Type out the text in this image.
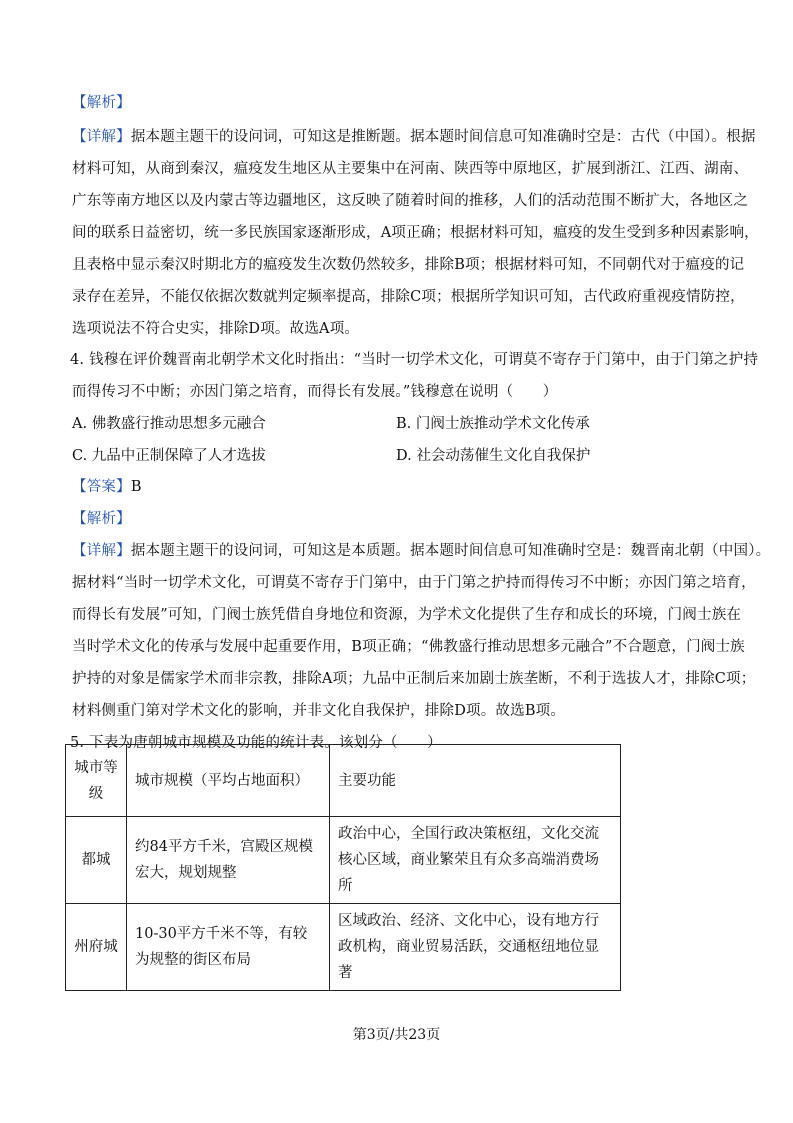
【解析】
【详解】据本题主题干的设问词，可知这是推断题。据本题时间信息可知准确时空是：古代（中国）。根据
材料可知，从商到秦汉，瘟疫发生地区从主要集中在河南、陕西等中原地区，扩展到浙江、江西、湖南、
广东等南方地区以及内蒙古等边疆地区，这反映了随着时间的推移，人们的活动范围不断扩大，各地区之
间的联系日益密切，统一多民族国家逐渐形成，A项正确；根据材料可知，瘟疫的发生受到多种因素影响，
且表格中显示秦汉时期北方的瘟疫发生次数仍然较多，排除B项；根据材料可知，不同朝代对于瘟疫的记
录存在差异，不能仅依据次数就判定频率提高，排除C项；根据所学知识可知，古代政府重视疫情防控，
选项说法不符合史实，排除D项。故选A项。
4. 钱穆在评价魏晋南北朝学术文化时指出：“当时一切学术文化，可谓莫不寄存于门第中，由于门第之护持
而得传习不中断；亦因门第之培育，而得长有发展。”钱穆意在说明（　　）
A. 佛教盛行推动思想多元融合	B. 门阀士族推动学术文化传承
C. 九品中正制保障了人才选拔	D. 社会动荡催生文化自我保护
【答案】B
【解析】
【详解】据本题主题干的设问词，可知这是本质题。据本题时间信息可知准确时空是：魏晋南北朝（中国）。
据材料“当时一切学术文化，可谓莫不寄存于门第中，由于门第之护持而得传习不中断；亦因门第之培育，
而得长有发展”可知，门阀士族凭借自身地位和资源，为学术文化提供了生存和成长的环境，门阀士族在
当时学术文化的传承与发展中起重要作用，B项正确；“佛教盛行推动思想多元融合”不合题意，门阀士族
护持的对象是儒家学术而非宗教，排除A项；九品中正制后来加剧士族垄断，不利于选拔人才，排除C项；
材料侧重门第对学术文化的影响，并非文化自我保护，排除D项。故选B项。
5. 下表为唐朝城市规模及功能的统计表。该划分（　　）
城市等级	城市规模（平均占地面积）	主要功能
都城	约84平方千米，宫殿区规模宏大，规划规整	政治中心，全国行政决策枢纽，文化交流核心区域，商业繁荣且有众多高端消费场所
州府城	10-30平方千米不等，有较为规整的街区布局	区域政治、经济、文化中心，设有地方行政机构，商业贸易活跃，交通枢纽地位显著
第3页/共23页
